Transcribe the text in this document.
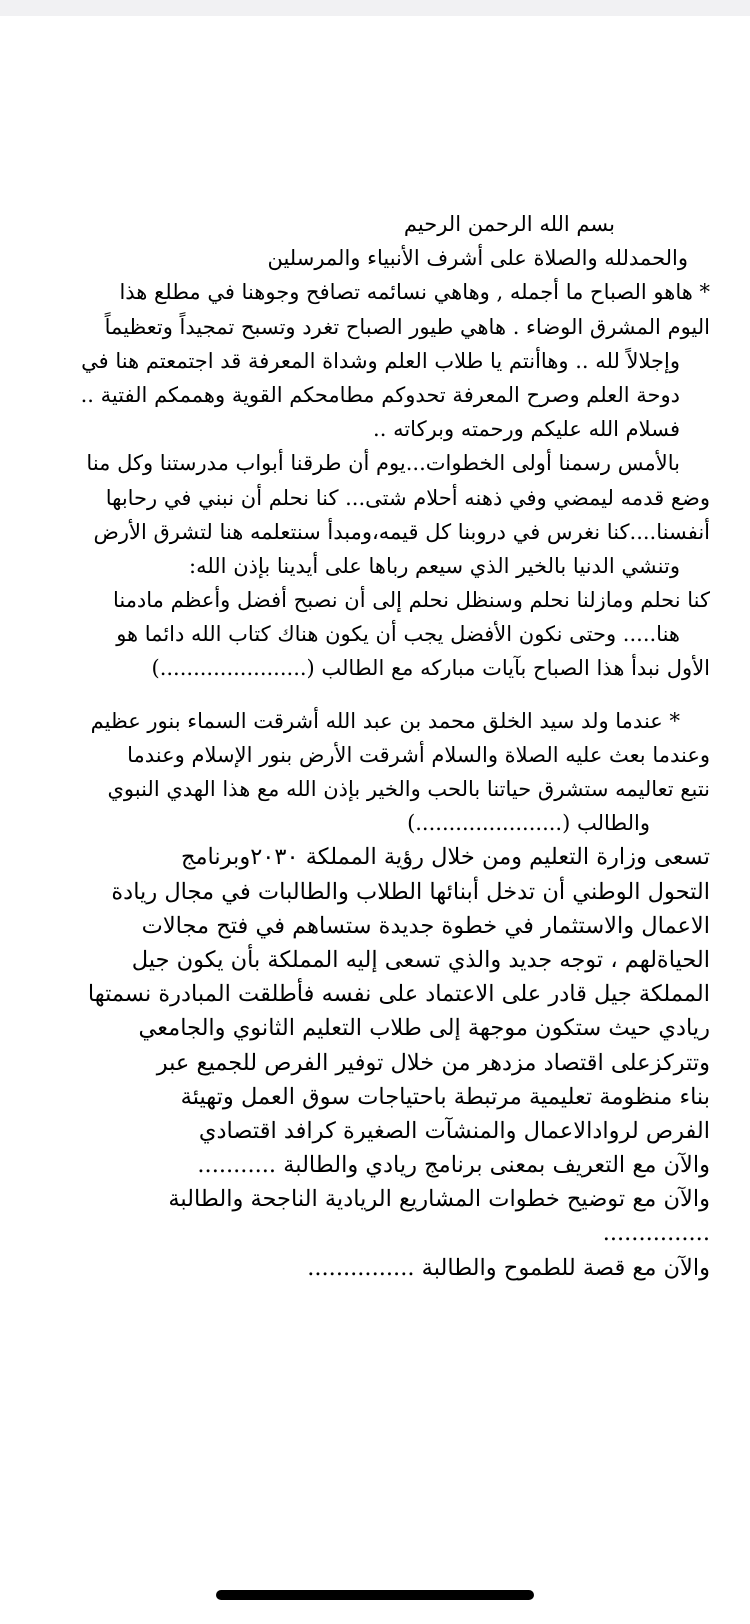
بسم الله الرحمن الرحيم
والحمدلله والصلاة على أشرف الأنبياء والمرسلين
* هاهو الصباح ما أجمله , وهاهي نسائمه تصافح وجوهنا في مطلع هذا
اليوم المشرق الوضاء . هاهي طيور الصباح تغرد وتسبح تمجيداً وتعظيماً
وإجلالاً لله .. وهاأنتم يا طلاب العلم وشداة المعرفة قد اجتمعتم هنا في
دوحة العلم وصرح المعرفة تحدوكم مطامحكم القوية وهممكم الفتية ..
فسلام الله عليكم ورحمته وبركاته ..
بالأمس رسمنا أولى الخطوات...يوم أن طرقنا أبواب مدرستنا وكل منا
وضع قدمه ليمضي وفي ذهنه أحلام شتى... كنا نحلم أن نبني في رحابها
أنفسنا....كنا نغرس في دروبنا كل قيمه،ومبدأ سنتعلمه هنا لتشرق الأرض
وتنشي الدنيا بالخير الذي سيعم رباها على أيدينا بإذن الله:
كنا نحلم ومازلنا نحلم وسنظل نحلم إلى أن نصبح أفضل وأعظم مادمنا
هنا..... وحتى نكون الأفضل يجب أن يكون هناك كتاب الله دائما هو
الأول نبدأ هذا الصباح بآيات مباركه مع الطالب (......................)
* عندما ولد سيد الخلق محمد بن عبد الله أشرقت السماء بنور عظيم
وعندما بعث عليه الصلاة والسلام أشرقت الأرض بنور الإسلام وعندما
نتبع تعاليمه ستشرق حياتنا بالحب والخير بإذن الله مع هذا الهدي النبوي
والطالب (......................)
تسعى وزارة التعليم ومن خلال رؤية المملكة ٢٠٣٠وبرنامج
التحول الوطني أن تدخل أبنائها الطلاب والطالبات في مجال ريادة
الاعمال والاستثمار في خطوة جديدة ستساهم في فتح مجالات
الحياةلهم ، توجه جديد والذي تسعى إليه المملكة بأن يكون جيل
المملكة جيل قادر على الاعتماد على نفسه فأطلقت المبادرة نسمتها
ريادي حيث ستكون موجهة إلى طلاب التعليم الثانوي والجامعي
وتتركزعلى اقتصاد مزدهر من خلال توفير الفرص للجميع عبر
بناء منظومة تعليمية مرتبطة باحتياجات سوق العمل وتهيئة
الفرص لروادالاعمال والمنشآت الصغيرة كرافد اقتصادي
والآن مع التعريف بمعنى برنامج ريادي والطالبة ...........
والآن مع توضيح خطوات المشاريع الريادية الناجحة والطالبة
...............
والآن مع قصة للطموح والطالبة ...............
